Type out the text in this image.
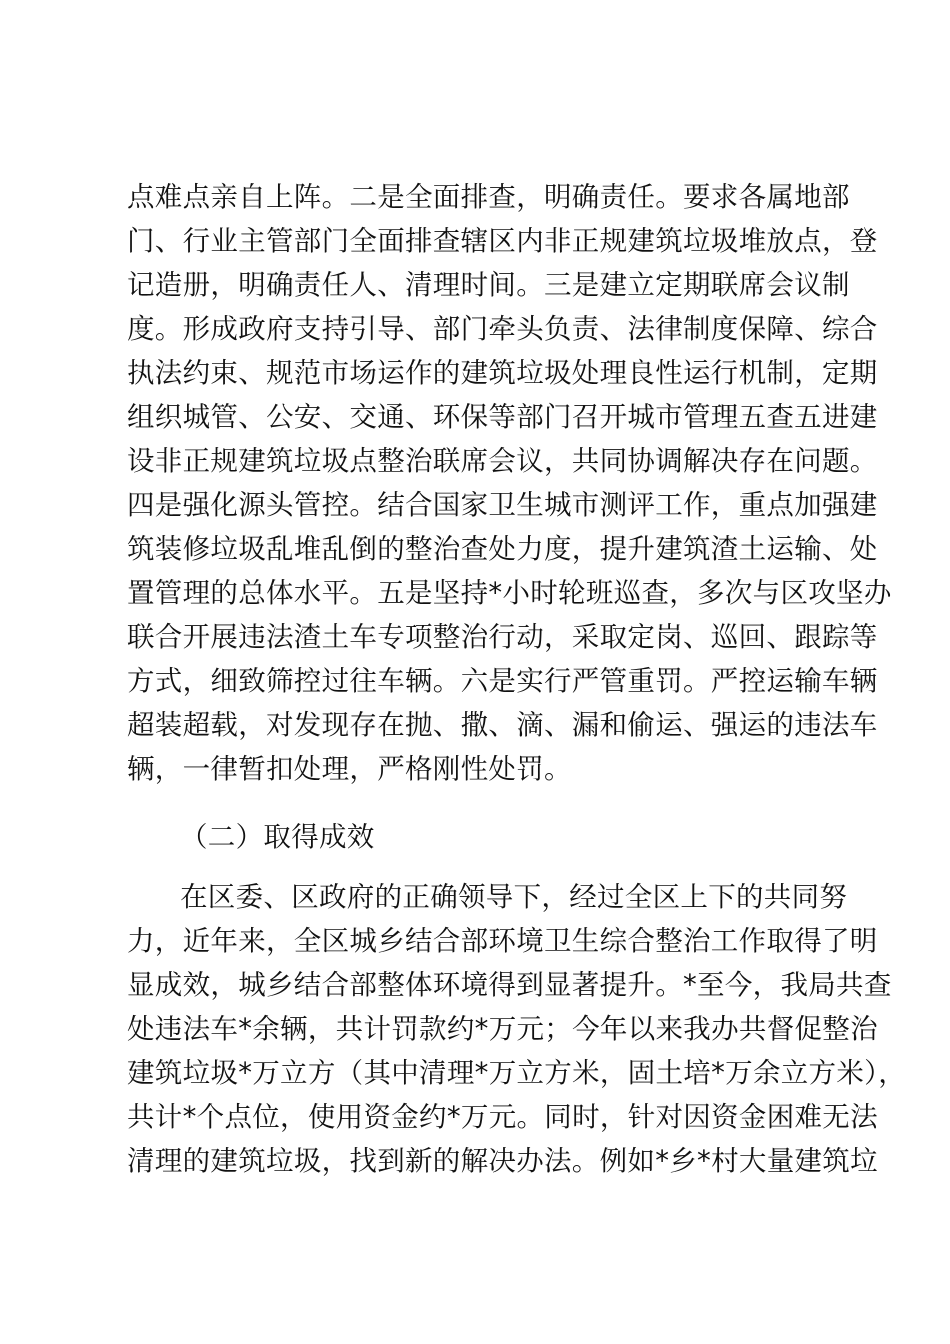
点难点亲自上阵。二是全面排查，明确责任。要求各属地部
门、行业主管部门全面排查辖区内非正规建筑垃圾堆放点，登
记造册，明确责任人、清理时间。三是建立定期联席会议制
度。形成政府支持引导、部门牵头负责、法律制度保障、综合
执法约束、规范市场运作的建筑垃圾处理良性运行机制，定期
组织城管、公安、交通、环保等部门召开城市管理五查五进建
设非正规建筑垃圾点整治联席会议，共同协调解决存在问题。
四是强化源头管控。结合国家卫生城市测评工作，重点加强建
筑装修垃圾乱堆乱倒的整治查处力度，提升建筑渣土运输、处
置管理的总体水平。五是坚持*小时轮班巡查，多次与区攻坚办
联合开展违法渣土车专项整治行动，采取定岗、巡回、跟踪等
方式，细致筛控过往车辆。六是实行严管重罚。严控运输车辆
超装超载，对发现存在抛、撒、滴、漏和偷运、强运的违法车
辆，一律暂扣处理，严格刚性处罚。
（二）取得成效
在区委、区政府的正确领导下，经过全区上下的共同努
力，近年来，全区城乡结合部环境卫生综合整治工作取得了明
显成效，城乡结合部整体环境得到显著提升。*至今，我局共查
处违法车*余辆，共计罚款约*万元；今年以来我办共督促整治
建筑垃圾*万立方（其中清理*万立方米，固土培*万余立方米），
共计*个点位，使用资金约*万元。同时，针对因资金困难无法
清理的建筑垃圾，找到新的解决办法。例如*乡*村大量建筑垃
